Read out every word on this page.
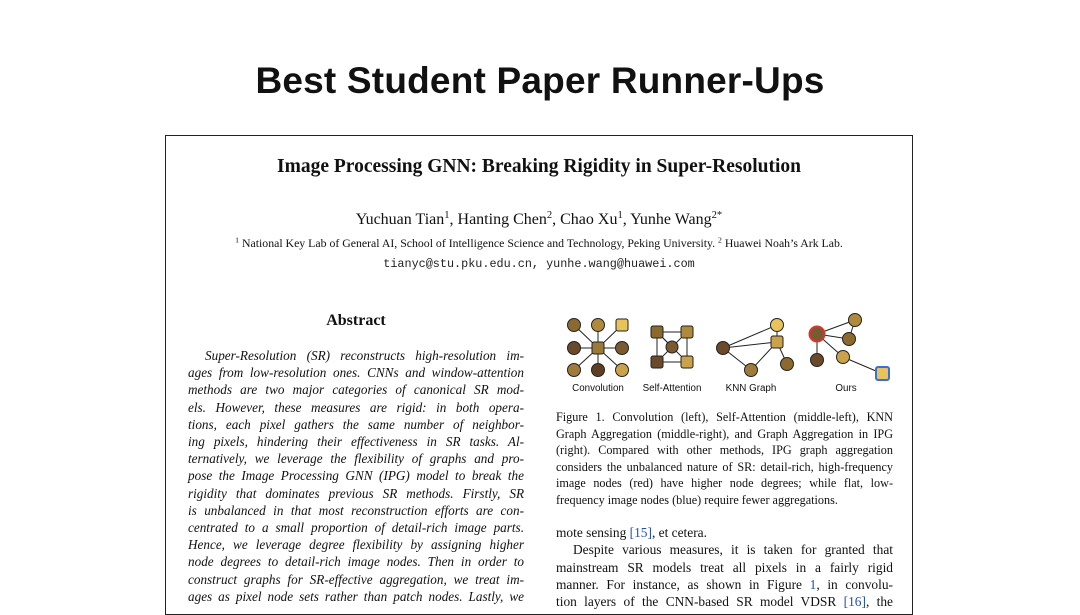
Best Student Paper Runner-Ups
Image Processing GNN: Breaking Rigidity in Super-Resolution
Yuchuan Tian$^1$, Hanting Chen$^2$, Chao Xu$^1$, Yunhe Wang$^{2*}$
$^1$ National Key Lab of General AI, School of Intelligence Science and Technology, Peking University. $^2$ Huawei Noah’s Ark Lab.
tianyc@stu.pku.edu.cn, yunhe.wang@huawei.com
Abstract
Super-Resolution (SR) reconstructs high-resolution im-
ages from low-resolution ones. CNNs and window-attention
methods are two major categories of canonical SR mod-
els. However, these measures are rigid: in both opera-
tions, each pixel gathers the same number of neighbor-
ing pixels, hindering their effectiveness in SR tasks. Al-
ternatively, we leverage the flexibility of graphs and pro-
pose the Image Processing GNN (IPG) model to break the
rigidity that dominates previous SR methods. Firstly, SR
is unbalanced in that most reconstruction efforts are con-
centrated to a small proportion of detail-rich image parts.
Hence, we leverage degree flexibility by assigning higher
node degrees to detail-rich image nodes. Then in order to
construct graphs for SR-effective aggregation, we treat im-
ages as pixel node sets rather than patch nodes. Lastly, we
Convolution Self-Attention KNN Graph	Ours
Figure 1. Convolution (left), Self-Attention (middle-left), KNN
Graph Aggregation (middle-right), and Graph Aggregation in IPG
(right). Compared with other methods, IPG graph aggregation
considers the unbalanced nature of SR: detail-rich, high-frequency
image nodes (red) have higher node degrees; while flat, low-
frequency image nodes (blue) require fewer aggregations.
mote sensing [15], et cetera.
Despite various measures, it is taken for granted that
mainstream SR models treat all pixels in a fairly rigid
manner. For instance, as shown in Figure 1, in convolu-
tion layers of the CNN-based SR model VDSR [16], the
